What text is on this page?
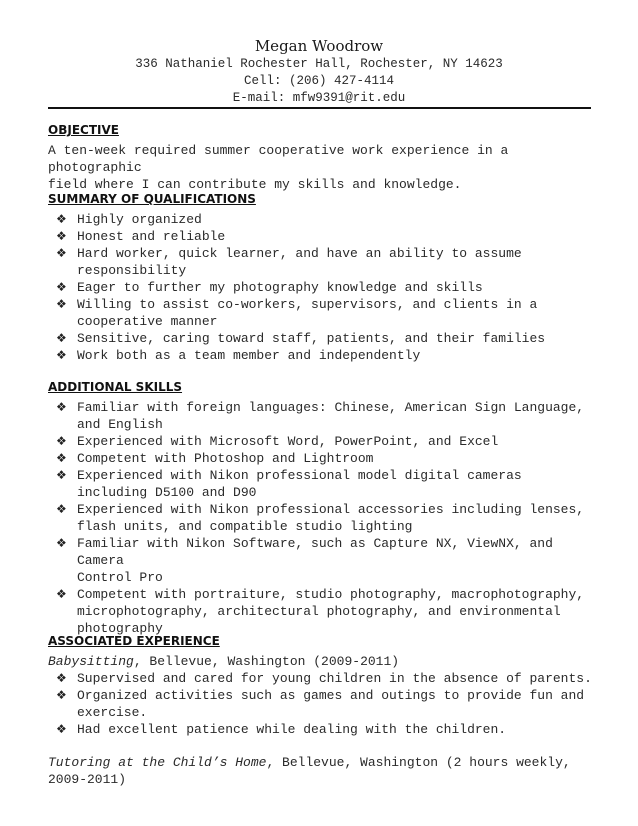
Megan Woodrow
336 Nathaniel Rochester Hall, Rochester, NY 14623
Cell: (206) 427-4114
E-mail: mfw9391@rit.edu
OBJECTIVE
A ten-week required summer cooperative work experience in a photographic
field where I can contribute my skills and knowledge.
SUMMARY OF QUALIFICATIONS
❖ Highly organized
❖ Honest and reliable
❖ Hard worker, quick learner, and have an ability to assume
responsibility
❖ Eager to further my photography knowledge and skills
❖ Willing to assist co-workers, supervisors, and clients in a
cooperative manner
❖ Sensitive, caring toward staff, patients, and their families
❖ Work both as a team member and independently
ADDITIONAL SKILLS
❖ Familiar with foreign languages: Chinese, American Sign Language,
and English
❖ Experienced with Microsoft Word, PowerPoint, and Excel
❖ Competent with Photoshop and Lightroom
❖ Experienced with Nikon professional model digital cameras
including D5100 and D90
❖ Experienced with Nikon professional accessories including lenses,
flash units, and compatible studio lighting
❖ Familiar with Nikon Software, such as Capture NX, ViewNX, and Camera
Control Pro
❖ Competent with portraiture, studio photography, macrophotography,
microphotography, architectural photography, and environmental
photography
ASSOCIATED EXPERIENCE
Babysitting, Bellevue, Washington (2009-2011)
❖ Supervised and cared for young children in the absence of parents.
❖ Organized activities such as games and outings to provide fun and
exercise.
❖ Had excellent patience while dealing with the children.
Tutoring at the Child’s Home, Bellevue, Washington (2 hours weekly,
2009-2011)
